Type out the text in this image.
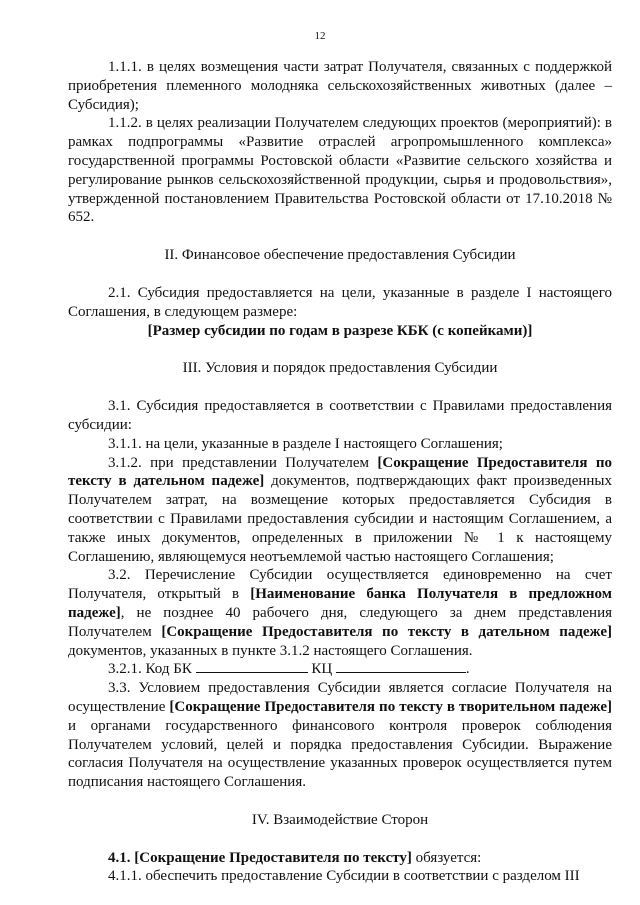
12

1.1.1. в целях возмещения части затрат Получателя, связанных с поддержкой приобретения племенного молодняка сельскохозяйственных животных (далее – Субсидия);

1.1.2. в целях реализации Получателем следующих проектов (мероприятий): в рамках подпрограммы «Развитие отраслей агропромышленного комплекса» государственной программы Ростовской области «Развитие сельского хозяйства и регулирование рынков сельскохозяйственной продукции, сырья и продовольствия», утвержденной постановлением Правительства Ростовской области от 17.10.2018 № 652.

II. Финансовое обеспечение предоставления Субсидии

2.1. Субсидия предоставляется на цели, указанные в разделе I настоящего Соглашения, в следующем размере:

[Размер субсидии по годам в разрезе КБК (с копейками)]

III. Условия и порядок предоставления Субсидии

3.1. Субсидия предоставляется в соответствии с Правилами предоставления субсидии:

3.1.1. на цели, указанные в разделе I настоящего Соглашения;

3.1.2. при представлении Получателем [Сокращение Предоставителя по тексту в дательном падеже] документов, подтверждающих факт произведенных Получателем затрат, на возмещение которых предоставляется Субсидия в соответствии с Правилами предоставления субсидии и настоящим Соглашением, а также иных документов, определенных в приложении № 1 к настоящему Соглашению, являющемуся неотъемлемой частью настоящего Соглашения;

3.2. Перечисление Субсидии осуществляется единовременно на счет Получателя, открытый в [Наименование банка Получателя в предложном падеже], не позднее 40 рабочего дня, следующего за днем представления Получателем [Сокращение Предоставителя по тексту в дательном падеже] документов, указанных в пункте 3.1.2 настоящего Соглашения.

3.2.1. Код БК	КЦ	.

3.3. Условием предоставления Субсидии является согласие Получателя на осуществление [Сокращение Предоставителя по тексту в творительном падеже] и органами государственного финансового контроля проверок соблюдения Получателем условий, целей и порядка предоставления Субсидии. Выражение согласия Получателя на осуществление указанных проверок осуществляется путем подписания настоящего Соглашения.

IV. Взаимодействие Сторон

4.1. [Сокращение Предоставителя по тексту] обязуется:

4.1.1. обеспечить предоставление Субсидии в соответствии с разделом III
